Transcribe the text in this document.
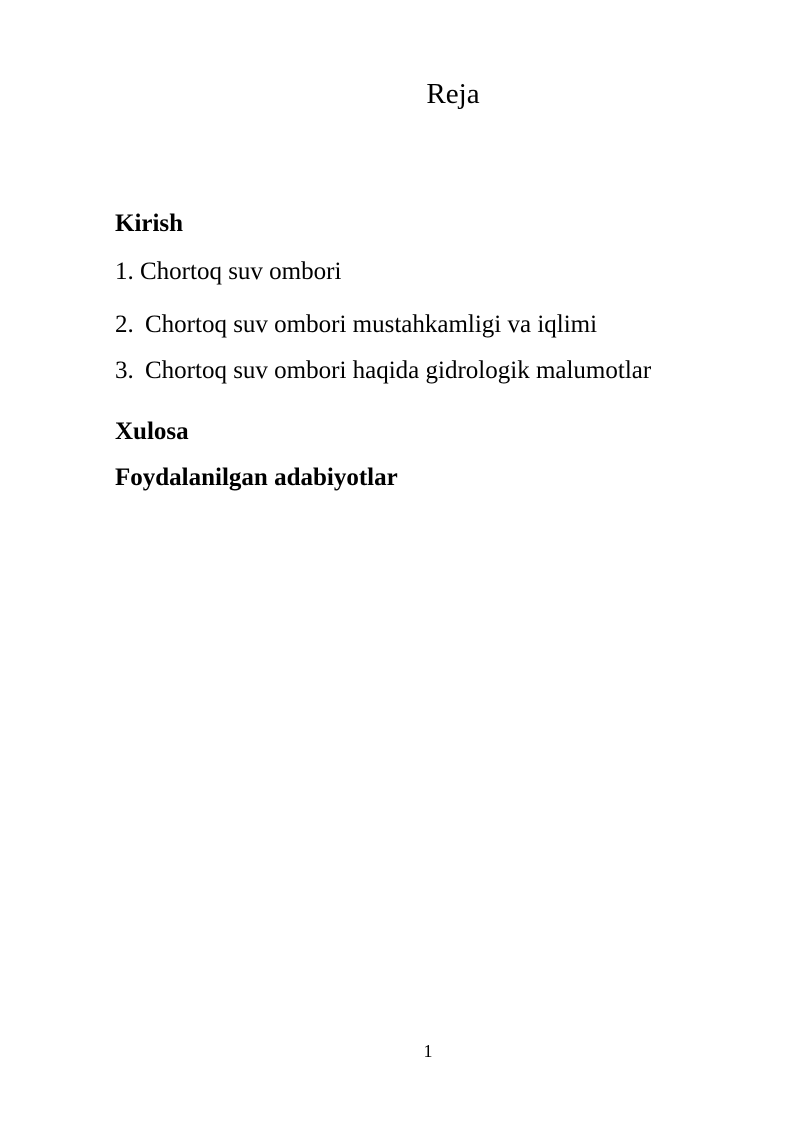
Reja
Kirish
1. Chortoq suv ombori
2. Chortoq suv ombori mustahkamligi va iqlimi
3. Chortoq suv ombori haqida gidrologik malumotlar
Xulosa
Foydalanilgan adabiyotlar
1
